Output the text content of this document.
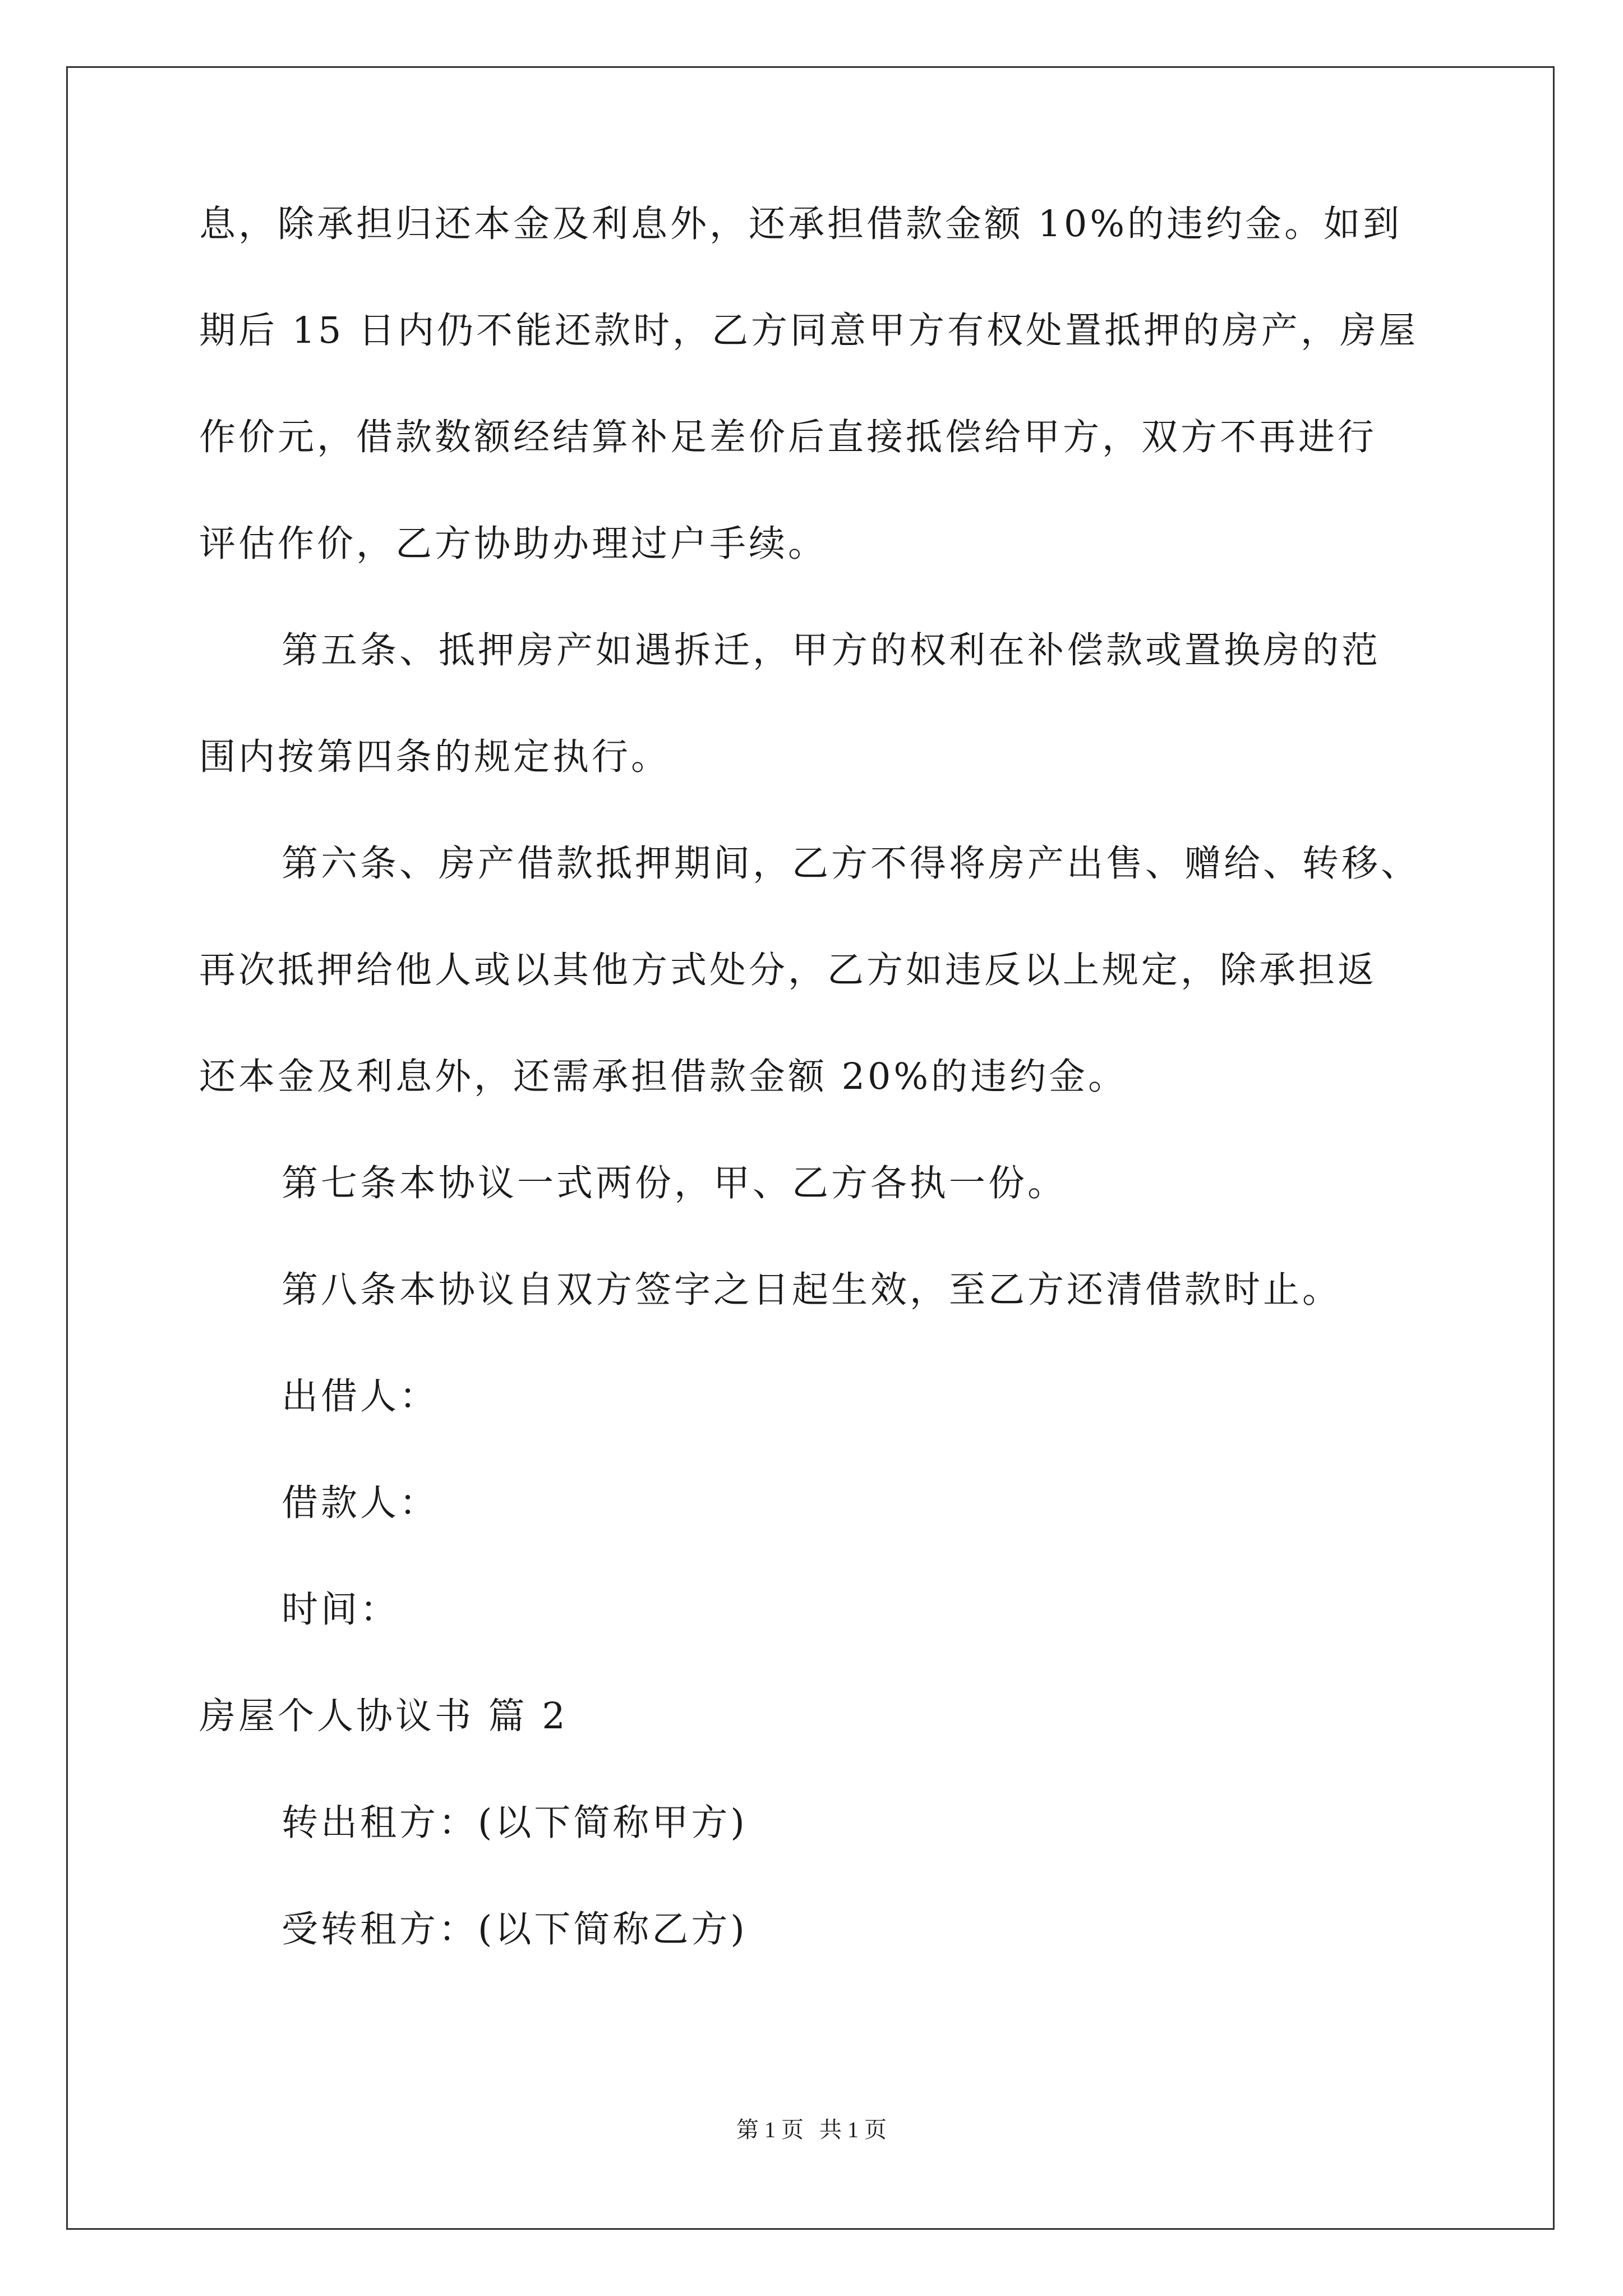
息，除承担归还本金及利息外，还承担借款金额 10%的违约金。如到
期后 15 日内仍不能还款时，乙方同意甲方有权处置抵押的房产，房屋
作价元，借款数额经结算补足差价后直接抵偿给甲方，双方不再进行
评估作价，乙方协助办理过户手续。
第五条、抵押房产如遇拆迁，甲方的权利在补偿款或置换房的范
围内按第四条的规定执行。
第六条、房产借款抵押期间，乙方不得将房产出售、赠给、转移、
再次抵押给他人或以其他方式处分，乙方如违反以上规定，除承担返
还本金及利息外，还需承担借款金额 20%的违约金。
第七条本协议一式两份，甲、乙方各执一份。
第八条本协议自双方签字之日起生效，至乙方还清借款时止。
出借人：
借款人：
时间：
房屋个人协议书 篇 2
转出租方：(以下简称甲方)
受转租方：(以下简称乙方)
第 1 页 共 1 页
